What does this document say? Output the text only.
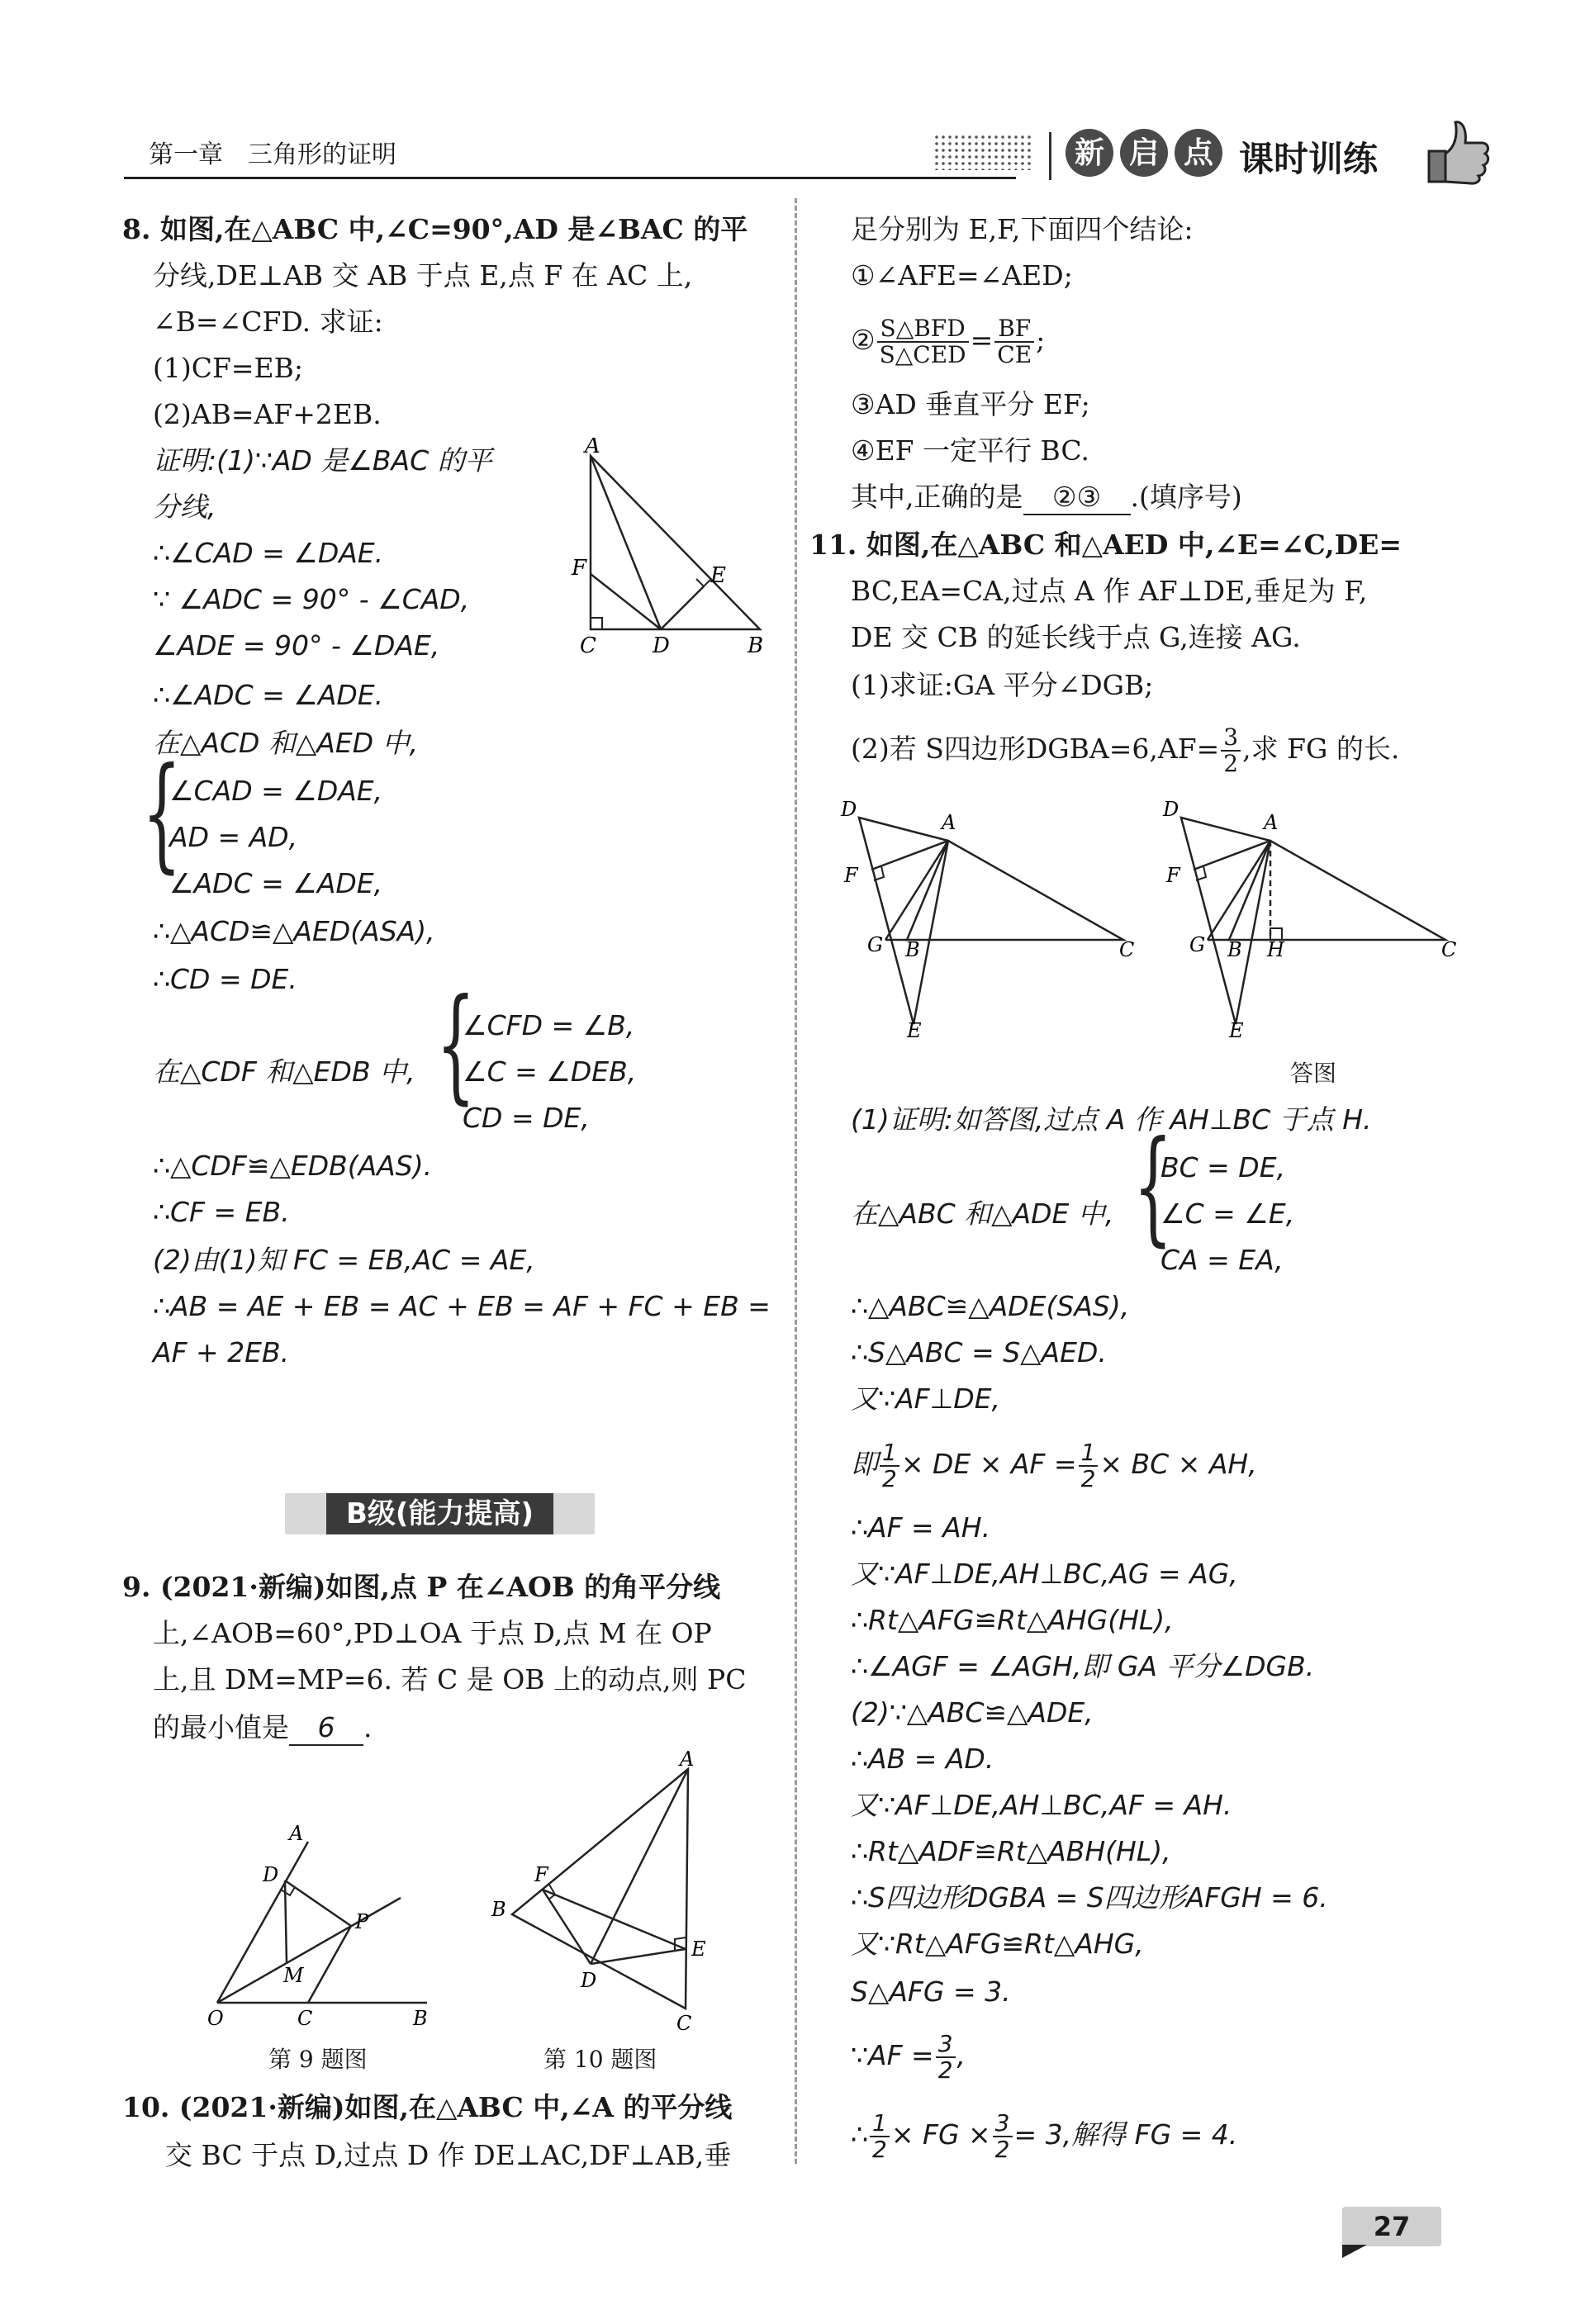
第一章　三角形的证明	新 启 点 课时训练
8. 如图,在△ABC 中,∠C=90°,AD 是∠BAC 的平
分线,DE⊥AB 交 AB 于点 E,点 F 在 AC 上,
∠B=∠CFD. 求证:
(1)CF=EB;
(2)AB=AF+2EB.
证明:(1)∵AD 是∠BAC 的平
分线,
∴∠CAD = ∠DAE.
∵ ∠ADC = 90° - ∠CAD,
∠ADE = 90° - ∠DAE,
∴∠ADC = ∠ADE.
在△ACD 和△AED 中,
{
∠CAD = ∠DAE,
AD = AD,
∠ADC = ∠ADE,
∴△ACD≌△AED(ASA),
∴CD = DE.
在△CDF 和△EDB 中, {
∠CFD = ∠B,
∠C = ∠DEB,
CD = DE,
∴△CDF≌△EDB(AAS).
∴CF = EB.
(2)由(1)知 FC = EB,AC = AE,
∴AB = AE + EB = AC + EB = AF + FC + EB =
AF + 2EB.
A
F	E
C	D	B
B级(能力提高)
9. (2021·新编)如图,点 P 在∠AOB 的角平分线
上,∠AOB=60°,PD⊥OA 于点 D,点 M 在 OP
上,且 DM=MP=6. 若 C 是 OB 上的动点,则 PC
的最小值是 6 .
A
D
P
M
O	C	B
第 9 题图
A
F
B
D
E
C
第 10 题图
10. (2021·新编)如图,在△ABC 中,∠A 的平分线
交 BC 于点 D,过点 D 作 DE⊥AC,DF⊥AB,垂
足分别为 E,F,下面四个结论:
①∠AFE=∠AED;
② $\frac{\text{S△BFD}}{\text{S△CED}} = \frac{BF}{CE}$ ;
③AD 垂直平分 EF;
④EF 一定平行 BC.
其中,正确的是 ②③ .(填序号)
11. 如图,在△ABC 和△AED 中,∠E=∠C,DE=
BC,EA=CA,过点 A 作 AF⊥DE,垂足为 F,
DE 交 CB 的延长线于点 G,连接 AG.
(1)求证:GA 平分∠DGB;
(2)若 S四边形DGBA=6,AF= $\frac{3}{2}$ ,求 FG 的长.
D
A
F
G B	C
E
D
A
F
G B H	C
E
答图
(1)证明:如答图,过点 A 作 AH⊥BC 于点 H.
在△ABC 和△ADE 中, {
BC = DE,
∠C = ∠E,
CA = EA,
∴△ABC≌△ADE(SAS),
∴S△ABC = S△AED.
又∵AF⊥DE,
即 $\frac{1}{2}$ × DE × AF = $\frac{1}{2}$ × BC × AH,
∴AF = AH.
又∵AF⊥DE,AH⊥BC,AG = AG,
∴Rt△AFG≌Rt△AHG(HL),
∴∠AGF = ∠AGH,即 GA 平分∠DGB.
(2)∵△ABC≌△ADE,
∴AB = AD.
又∵AF⊥DE,AH⊥BC,AF = AH.
∴Rt△ADF≌Rt△ABH(HL),
∴S四边形DGBA = S四边形AFGH = 6.
又∵Rt△AFG≌Rt△AHG,
S△AFG = 3.
∵AF = $\frac{3}{2}$ ,
∴ $\frac{1}{2}$ × FG × $\frac{3}{2} = 3$,解得 FG = 4.
27
